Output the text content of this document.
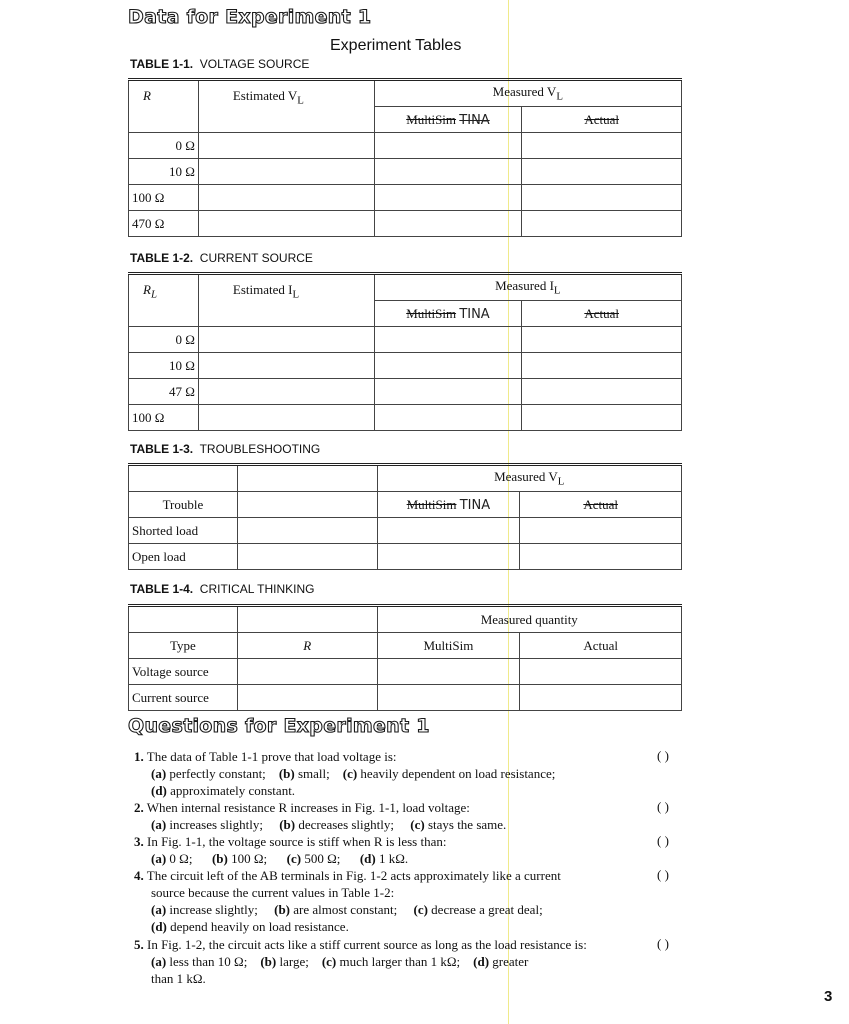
Data for Experiment 1
Experiment Tables
TABLE 1-1. VOLTAGE SOURCE
R	Estimated $V_L$	Measured $V_L$
		MultiSim TINA	Actual
0 Ω			
10 Ω			
100 Ω			
470 Ω			
TABLE 1-2. CURRENT SOURCE
$R_L$	Estimated $I_L$	Measured $I_L$
		MultiSim TINA	Actual
0 Ω			
10 Ω			
47 Ω			
100 Ω			
TABLE 1-3. TROUBLESHOOTING
		Measured $V_L$
Trouble		MultiSim TINA	Actual
Shorted load			
Open load			
TABLE 1-4. CRITICAL THINKING
		Measured quantity	
Type	R	MultiSim	Actual
Voltage source			
Current source			
Questions for Experiment 1
1. The data of Table 1-1 prove that load voltage is:
(a) perfectly constant; (b) small; (c) heavily dependent on load resistance;
(d) approximately constant.
( )
2. When internal resistance R increases in Fig. 1-1, load voltage:
(a) increases slightly; (b) decreases slightly; (c) stays the same.
( )
3. In Fig. 1-1, the voltage source is stiff when R is less than:
(a) 0 Ω; (b) 100 Ω; (c) 500 Ω; (d) 1 kΩ.
( )
4. The circuit left of the AB terminals in Fig. 1-2 acts approximately like a current
source because the current values in Table 1-2:
(a) increase slightly; (b) are almost constant; (c) decrease a great deal;
(d) depend heavily on load resistance.
( )
5. In Fig. 1-2, the circuit acts like a stiff current source as long as the load resistance is:
(a) less than 10 Ω; (b) large; (c) much larger than 1 kΩ; (d) greater
than 1 kΩ.
( )
3
